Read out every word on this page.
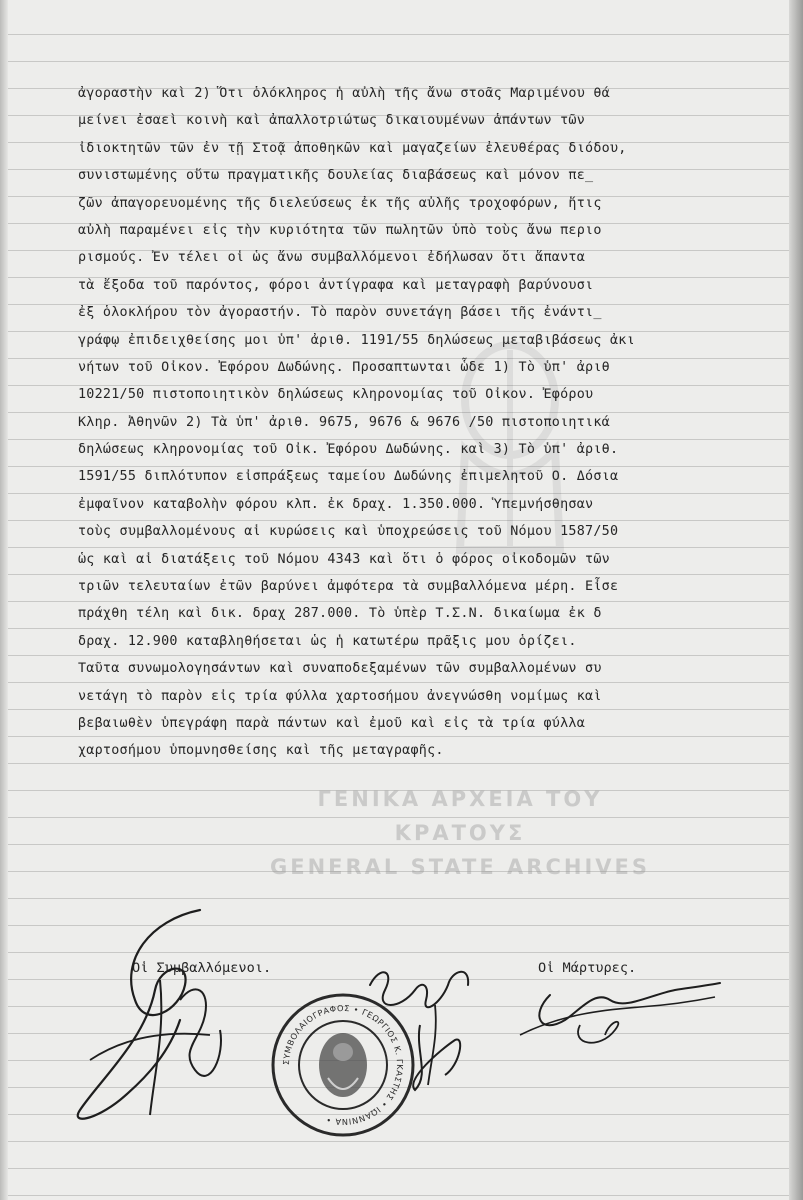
ἀγοραστὴν καὶ 2) Ὅτι ὁλόκληρος ἡ αὐλὴ τῆς ἄνω στοᾶς Μαριμένου θά
μείνει ἐσαεὶ κοινὴ καὶ ἀπαλλοτριώτως δικαιουμένων ἁπάντων τῶν
ἰδιοκτητῶν τῶν ἐν τῇ Στοᾷ ἀποθηκῶν καὶ μαγαζείων ἐλευθέρας διόδου,
συνιστωμένης οὕτω πραγματικῆς δουλείας διαβάσεως καὶ μόνον πε_
ζῶν ἀπαγορευομένης τῆς διελεύσεως ἐκ τῆς αὐλῆς τροχοφόρων, ἥτις
αὐλὴ παραμένει εἰς τὴν κυριότητα τῶν πωλητῶν ὑπὸ τοὺς ἄνω περιο
ρισμούς. Ἐν τέλει οἱ ὡς ἄνω συμβαλλόμενοι ἐδήλωσαν ὅτι ἅπαντα
τὰ ἔξοδα τοῦ παρόντος, φόροι ἀντίγραφα καὶ μεταγραφὴ βαρύνουσι
ἐξ ὁλοκλήρου τὸν ἀγοραστήν. Τὸ παρὸν συνετάγη βάσει τῆς ἐνάντι_
γράφῳ ἐπιδειχθείσης μοι ὑπ' ἀριθ. 1191/55 δηλώσεως μεταβιβάσεως ἀκι
νήτων τοῦ Οἰκον. Ἐφόρου Δωδώνης. Προσαπτωνται ὧδε 1) Τὸ ὑπ' ἀριθ
10221/50 πιστοποιητικὸν δηλώσεως κληρονομίας τοῦ Οἰκον. Ἐφόρου
Κληρ. Ἀθηνῶν 2) Τὰ ὑπ' ἀριθ. 9675, 9676 & 9676 /50 πιστοποιητικά
δηλώσεως κληρονομίας τοῦ Οἰκ. Ἐφόρου Δωδώνης. καὶ 3) Τὸ ὑπ' ἀριθ.
1591/55 διπλότυπον εἰσπράξεως ταμείου Δωδώνης ἐπιμελητοῦ Ο. Δόσια
ἐμφαῖνον καταβολὴν φόρου κλπ. ἐκ δραχ. 1.350.000. Ὑπεμνήσθησαν
τοὺς συμβαλλομένους αἱ κυρώσεις καὶ ὑποχρεώσεις τοῦ Νόμου 1587/50
ὡς καὶ αἱ διατάξεις τοῦ Νόμου 4343 καὶ ὅτι ὁ φόρος οἰκοδομῶν τῶν
τριῶν τελευταίων ἐτῶν βαρύνει ἀμφότερα τὰ συμβαλλόμενα μέρη. Εἶσε
πράχθη τέλη καὶ δικ. δραχ 287.000. Τὸ ὑπὲρ Τ.Σ.Ν. δικαίωμα ἐκ δ
δραχ. 12.900 καταβληθήσεται ὡς ἡ κατωτέρω πρᾶξις μου ὁρίζει.
Ταῦτα συνωμολογησάντων καὶ συναποδεξαμένων τῶν συμβαλλομένων συ
νετάγη τὸ παρὸν εἰς τρία φύλλα χαρτοσήμου ἀνεγνώσθη νομίμως καὶ
βεβαιωθὲν ὑπεγράφη παρὰ πάντων καὶ ἐμοῦ καὶ εἰς τὰ τρία φύλλα
χαρτοσήμου ὑπομνησθείσης καὶ τῆς μεταγραφῆς.
Οἱ Συμβαλλόμενοι.	Οἱ Μάρτυρες.
ΓΕΝΙΚΑ ΑΡΧΕΙΑ ΤΟΥ ΚΡΑΤΟΥΣ
GENERAL STATE ARCHIVES
ΣΥΜΒΟΛΑΙΟΓΡΑΦΟΣ • ΓΕΩΡΓΙΟΣ Κ. ΓΚΑΣΤΗΣ • ΙΩΑΝΝΙΝΑ •
